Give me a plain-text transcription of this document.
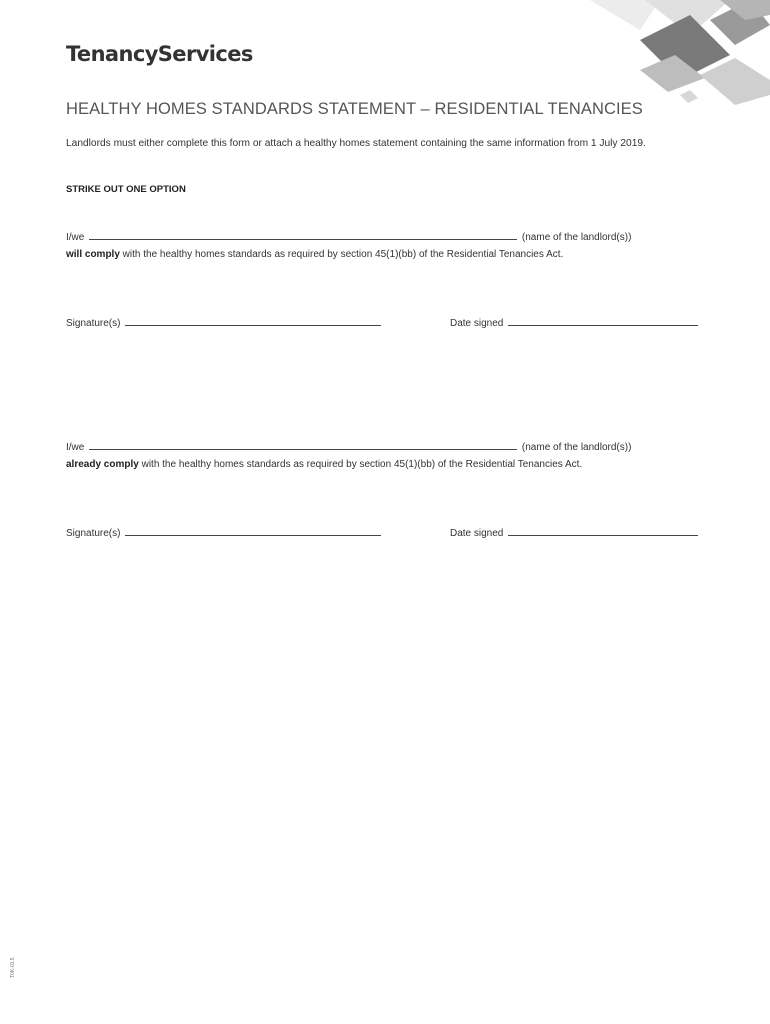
TenancyServices
HEALTHY HOMES STANDARDS STATEMENT – RESIDENTIAL TENANCIES
Landlords must either complete this form or attach a healthy homes statement containing the same information from 1 July 2019.
STRIKE OUT ONE OPTION
I/we	(name of the landlord(s))
will comply with the healthy homes standards as required by section 45(1)(bb) of the Residential Tenancies Act.
Signature(s)	Date signed
I/we	(name of the landlord(s))
already comply with the healthy homes standards as required by section 45(1)(bb) of the Residential Tenancies Act.
Signature(s)	Date signed
T0K-01.5
